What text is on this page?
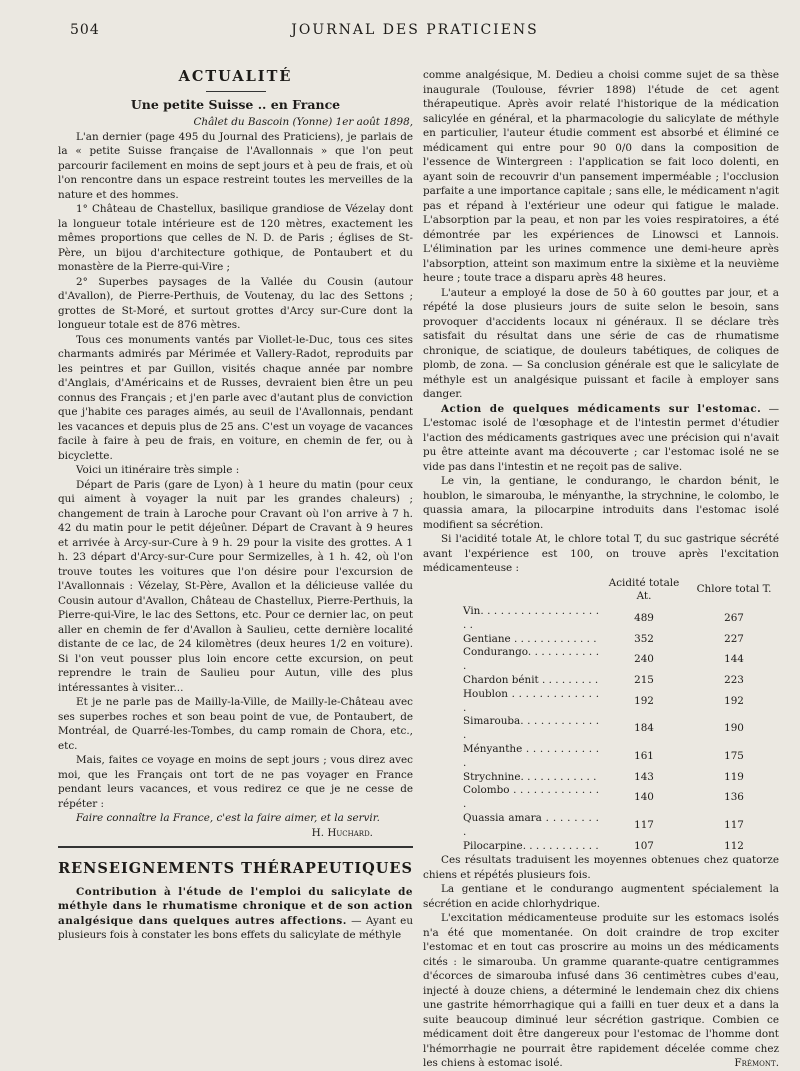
504	JOURNAL DES PRATICIENS
ACTUALITÉ
Une petite Suisse .. en France

Châlet du Bascoin (Yonne) 1er août 1898,

L'an dernier (page 495 du Journal des Praticiens), je parlais de la « petite Suisse française de l'Avallonnais » que l'on peut parcourir facilement en moins de sept jours et à peu de frais, et où l'on rencontre dans un espace restreint toutes les merveilles de la nature et des hommes.

1° Château de Chastellux, basilique grandiose de Vézelay dont la longueur totale intérieure est de 120 mètres, exactement les mêmes proportions que celles de N. D. de Paris ; églises de St-Père, un bijou d'architecture gothique, de Pontaubert et du monastère de la Pierre-qui-Vire ;

2° Superbes paysages de la Vallée du Cousin (autour d'Avallon), de Pierre-Perthuis, de Voutenay, du lac des Settons ; grottes de St-Moré, et surtout grottes d'Arcy sur-Cure dont la longueur totale est de 876 mètres.

Tous ces monuments vantés par Viollet-le-Duc, tous ces sites charmants admirés par Mérimée et Vallery-Radot, reproduits par les peintres et par Guillon, visités chaque année par nombre d'Anglais, d'Américains et de Russes, devraient bien être un peu connus des Français ; et j'en parle avec d'autant plus de conviction que j'habite ces parages aimés, au seuil de l'Avallonnais, pendant les vacances et depuis plus de 25 ans. C'est un voyage de vacances facile à faire à peu de frais, en voiture, en chemin de fer, ou à bicyclette.

Voici un itinéraire très simple :

Départ de Paris (gare de Lyon) à 1 heure du matin (pour ceux qui aiment à voyager la nuit par les grandes chaleurs) ; changement de train à Laroche pour Cravant où l'on arrive à 7 h. 42 du matin pour le petit déjeûner. Départ de Cravant à 9 heures et arrivée à Arcy-sur-Cure à 9 h. 29 pour la visite des grottes. A 1 h. 23 départ d'Arcy-sur-Cure pour Sermizelles, à 1 h. 42, où l'on trouve toutes les voitures que l'on désire pour l'excursion de l'Avallonnais : Vézelay, St-Père, Avallon et la délicieuse vallée du Cousin autour d'Avallon, Château de Chastellux, Pierre-Perthuis, la Pierre-qui-Vire, le lac des Settons, etc. Pour ce dernier lac, on peut aller en chemin de fer d'Avallon à Saulieu, cette dernière localité distante de ce lac, de 24 kilomètres (deux heures 1/2 en voiture). Si l'on veut pousser plus loin encore cette excursion, on peut reprendre le train de Saulieu pour Autun, ville des plus intéressantes à visiter...

Et je ne parle pas de Mailly-la-Ville, de Mailly-le-Château avec ses superbes roches et son beau point de vue, de Pontaubert, de Montréal, de Quarré-les-Tombes, du camp romain de Chora, etc., etc.

Mais, faites ce voyage en moins de sept jours ; vous direz avec moi, que les Français ont tort de ne pas voyager en France pendant leurs vacances, et vous redirez ce que je ne cesse de répéter :

Faire connaître la France, c'est la faire aimer, et la servir.

H. Huchard.

RENSEIGNEMENTS THÉRAPEUTIQUES

Contribution à l'étude de l'emploi du salicylate de méthyle dans le rhumatisme chronique et de son action analgésique dans quelques autres affections. — Ayant eu plusieurs fois à constater les bons effets du salicylate de méthyle

comme analgésique, M. Dedieu a choisi comme sujet de sa thèse inaugurale (Toulouse, février 1898) l'étude de cet agent thérapeutique. Après avoir relaté l'historique de la médication salicylée en général, et la pharmacologie du salicylate de méthyle en particulier, l'auteur étudie comment est absorbé et éliminé ce médicament qui entre pour 90 0/0 dans la composition de l'essence de Wintergreen : l'application se fait loco dolenti, en ayant soin de recouvrir d'un pansement imperméable ; l'occlusion parfaite a une importance capitale ; sans elle, le médicament n'agit pas et répand à l'extérieur une odeur qui fatigue le malade. L'absorption par la peau, et non par les voies respiratoires, a été démontrée par les expériences de Linowsci et Lannois. L'élimination par les urines commence une demi-heure après l'absorption, atteint son maximum entre la sixième et la neuvième heure ; toute trace a disparu après 48 heures.

L'auteur a employé la dose de 50 à 60 gouttes par jour, et a répété la dose plusieurs jours de suite selon le besoin, sans provoquer d'accidents locaux ni généraux. Il se déclare très satisfait du résultat dans une série de cas de rhumatisme chronique, de sciatique, de douleurs tabétiques, de coliques de plomb, de zona. — Sa conclusion générale est que le salicylate de méthyle est un analgésique puissant et facile à employer sans danger.

Action de quelques médicaments sur l'estomac. — L'estomac isolé de l'œsophage et de l'intestin permet d'étudier l'action des médicaments gastriques avec une précision qui n'avait pu être atteinte avant ma découverte ; car l'estomac isolé ne se vide pas dans l'intestin et ne reçoit pas de salive.

Le vin, la gentiane, le condurango, le chardon bénit, le houblon, le simarouba, le ményanthe, la strychnine, le colombo, le quassia amara, la pilocarpine introduits dans l'estomac isolé modifient sa sécrétion.

Si l'acidité totale At, le chlore total T, du suc gastrique sécrété avant l'expérience est 100, on trouve après l'excitation médicamenteuse :

	Acidité totale At.	Chlore total T.
Vin. . . . . . . . . . . . . . . . . . . .	489	267
Gentiane . . . . . . . . . . . . .	352	227
Condurango. . . . . . . . . . . .	240	144
Chardon bénit . . . . . . . . .	215	223
Houblon . . . . . . . . . . . . . .	192	192
Simarouba. . . . . . . . . . . . .	184	190
Ményanthe . . . . . . . . . . . .	161	175
Strychnine. . . . . . . . . . . .	143	119
Colombo . . . . . . . . . . . . . .	140	136
Quassia amara . . . . . . . . .	117	117
Pilocarpine. . . . . . . . . . . .	107	112

Ces résultats traduisent les moyennes obtenues chez quatorze chiens et répétés plusieurs fois.

La gentiane et le condurango augmentent spécialement la sécrétion en acide chlorhydrique.

L'excitation médicamenteuse produite sur les estomacs isolés n'a été que momentanée. On doit craindre de trop exciter l'estomac et en tout cas proscrire au moins un des médicaments cités : le simarouba. Un gramme quarante-quatre centigrammes d'écorces de simarouba infusé dans 36 centimètres cubes d'eau, injecté à douze chiens, a déterminé le lendemain chez dix chiens une gastrite hémorrhagique qui a failli en tuer deux et a dans la suite beaucoup diminué leur sécrétion gastrique. Combien ce médicament doit être dangereux pour l'estomac de l'homme dont l'hémorrhagie ne pourrait être rapidement décelée comme chez les chiens à estomac isolé.	Frémont.
